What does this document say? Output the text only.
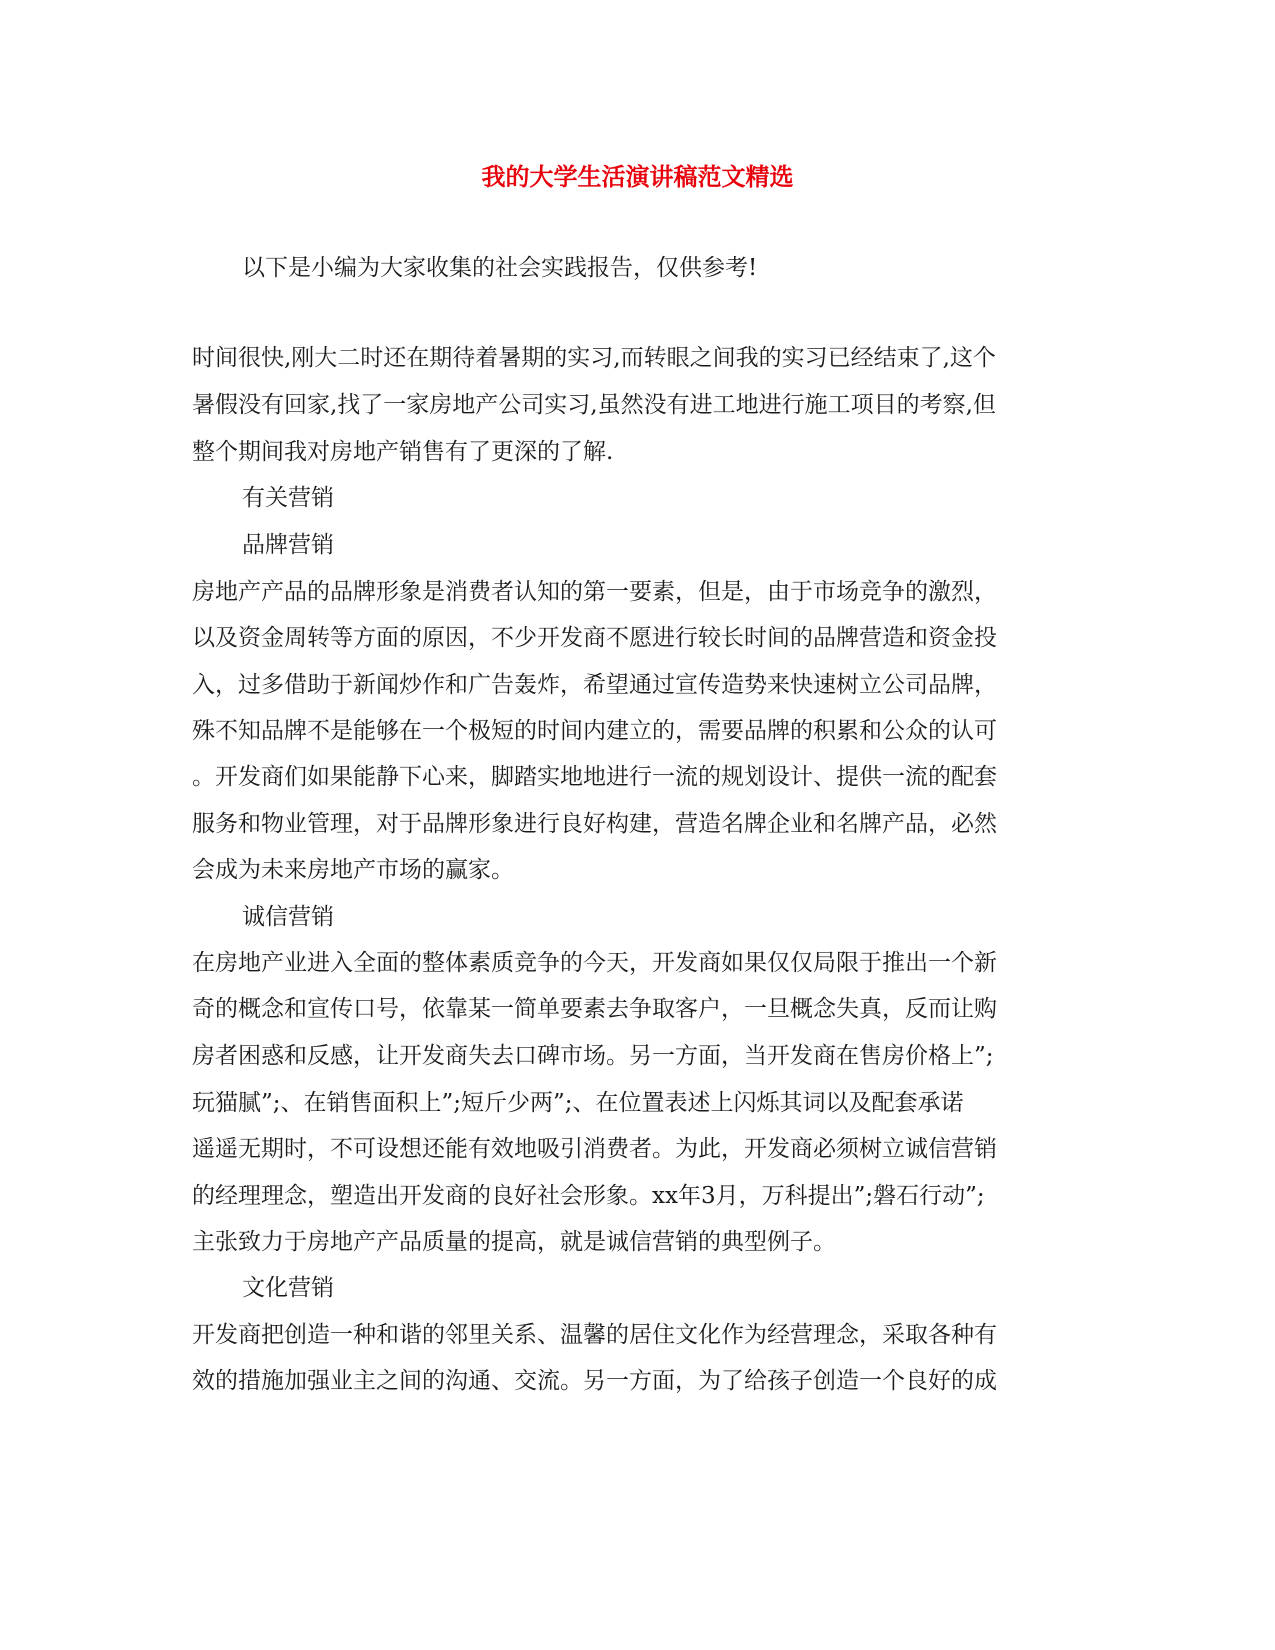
我的大学生活演讲稿范文精选
以下是小编为大家收集的社会实践报告，仅供参考!
时间很快,刚大二时还在期待着暑期的实习,而转眼之间我的实习已经结束了,这个
暑假没有回家,找了一家房地产公司实习,虽然没有进工地进行施工项目的考察,但
整个期间我对房地产销售有了更深的了解.
有关营销
品牌营销
房地产产品的品牌形象是消费者认知的第一要素，但是，由于市场竞争的激烈，
以及资金周转等方面的原因，不少开发商不愿进行较长时间的品牌营造和资金投
入，过多借助于新闻炒作和广告轰炸，希望通过宣传造势来快速树立公司品牌，
殊不知品牌不是能够在一个极短的时间内建立的，需要品牌的积累和公众的认可
。开发商们如果能静下心来，脚踏实地地进行一流的规划设计、提供一流的配套
服务和物业管理，对于品牌形象进行良好构建，营造名牌企业和名牌产品，必然
会成为未来房地产市场的赢家。
诚信营销
在房地产业进入全面的整体素质竞争的今天，开发商如果仅仅局限于推出一个新
奇的概念和宣传口号，依靠某一简单要素去争取客户，一旦概念失真，反而让购
房者困惑和反感，让开发商失去口碑市场。另一方面，当开发商在售房价格上”;
玩猫腻”;、在销售面积上”;短斤少两”;、在位置表述上闪烁其词以及配套承诺
遥遥无期时，不可设想还能有效地吸引消费者。为此，开发商必须树立诚信营销
的经理理念，塑造出开发商的良好社会形象。xx年3月，万科提出”;磐石行动”;
主张致力于房地产产品质量的提高，就是诚信营销的典型例子。
文化营销
开发商把创造一种和谐的邻里关系、温馨的居住文化作为经营理念，采取各种有
效的措施加强业主之间的沟通、交流。另一方面，为了给孩子创造一个良好的成
